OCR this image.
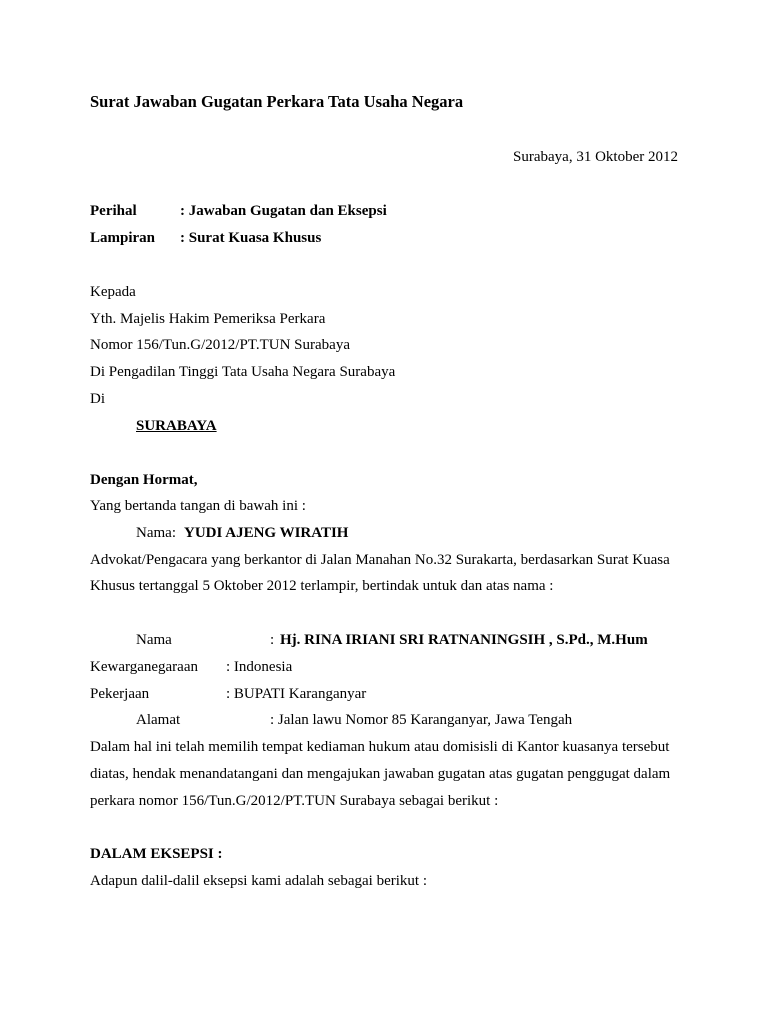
Surat Jawaban Gugatan Perkara Tata Usaha Negara
Surabaya, 31 Oktober 2012
Perihal	: Jawaban Gugatan dan Eksepsi
Lampiran : Surat Kuasa Khusus
Kepada
Yth. Majelis Hakim Pemeriksa Perkara
Nomor 156/Tun.G/2012/PT.TUN Surabaya
Di Pengadilan Tinggi Tata Usaha Negara Surabaya
Di
SURABAYA
Dengan Hormat,
Yang bertanda tangan di bawah ini :
Nama: YUDI AJENG WIRATIH
Advokat/Pengacara yang berkantor di Jalan Manahan No.32 Surakarta, berdasarkan Surat Kuasa
Khusus tertanggal 5 Oktober 2012 terlampir, bertindak untuk dan atas nama :
Nama	: Hj. RINA IRIANI SRI RATNANINGSIH , S.Pd., M.Hum
Kewarganegaraan : Indonesia
Pekerjaan	: BUPATI Karanganyar
Alamat	: Jalan lawu Nomor 85 Karanganyar, Jawa Tengah
Dalam hal ini telah memilih tempat kediaman hukum atau domisisli di Kantor kuasanya tersebut
diatas, hendak menandatangani dan mengajukan jawaban gugatan atas gugatan penggugat dalam
perkara nomor 156/Tun.G/2012/PT.TUN Surabaya sebagai berikut :
DALAM EKSEPSI :
Adapun dalil-dalil eksepsi kami adalah sebagai berikut :
